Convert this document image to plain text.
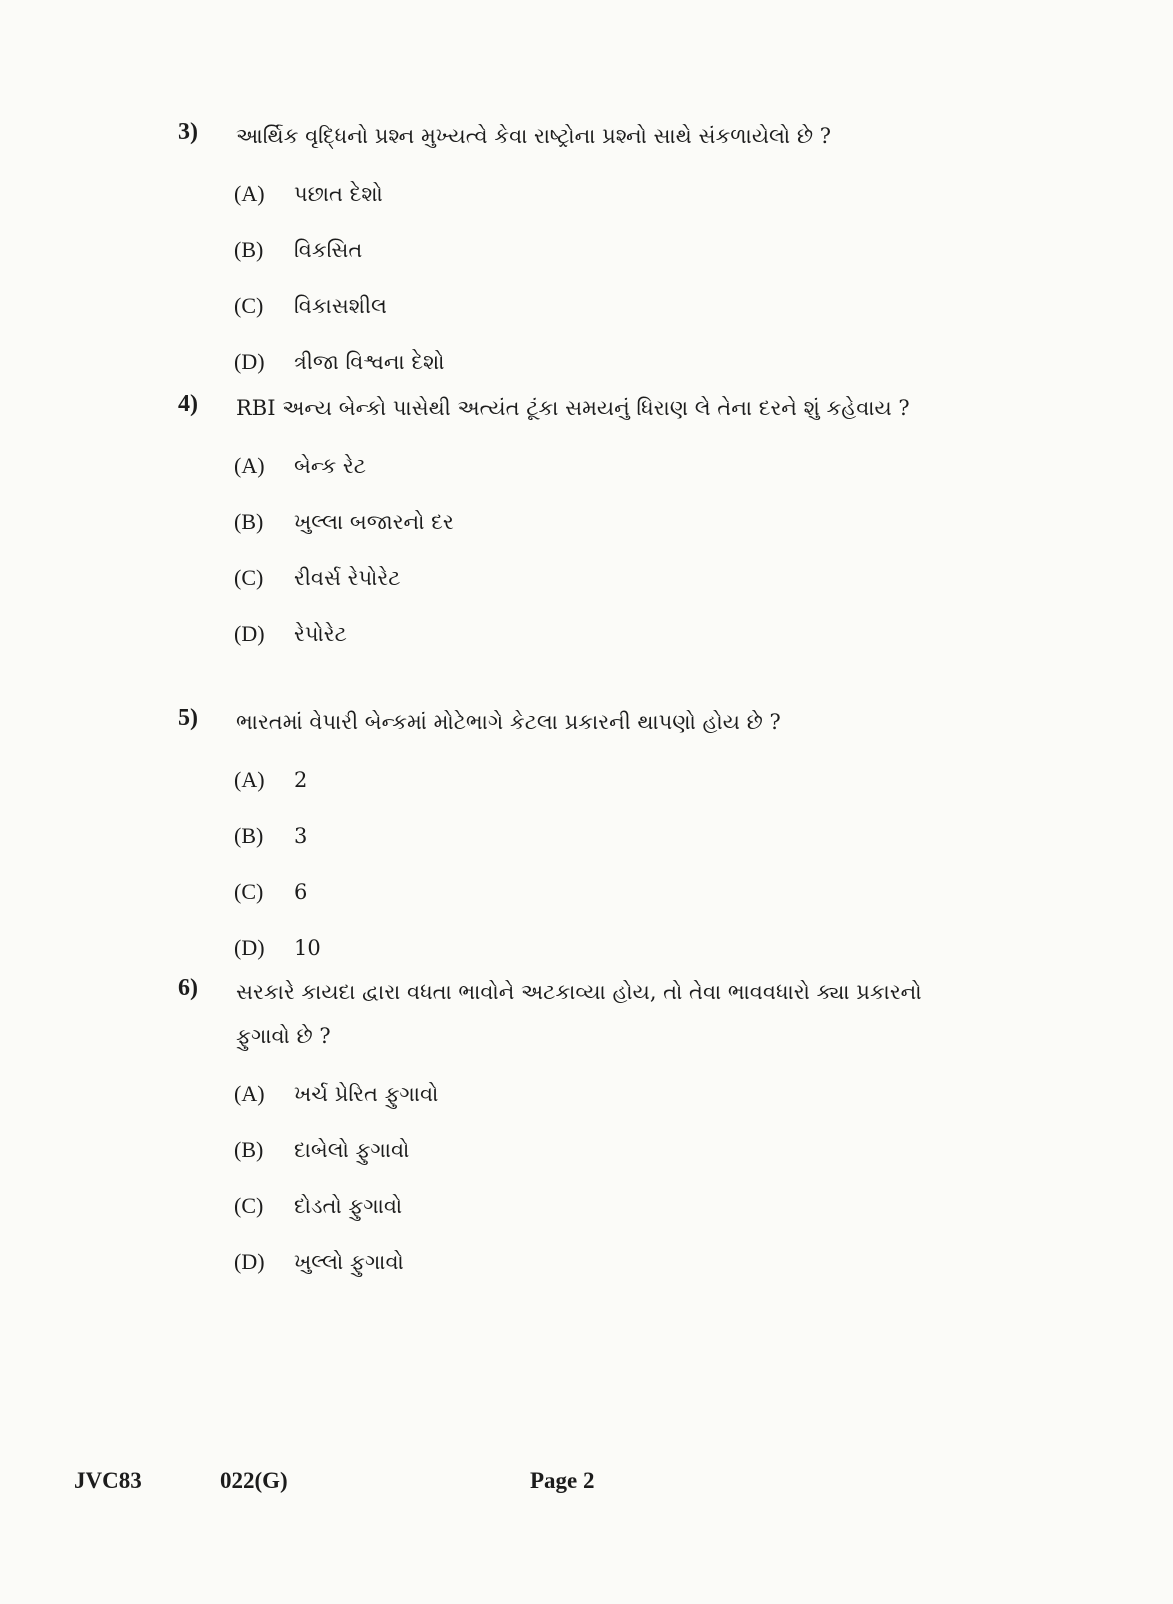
3) આર્થિક વૃદ્ધિનો પ્રશ્ન મુખ્યત્વે કેવા રાષ્ટ્રોના પ્રશ્નો સાથે સંકળાયેલો છે ?
(A)	પછાત દેશો
(B)	વિકસિત
(C)	વિકાસશીલ
(D)	ત્રીજા વિશ્વના દેશો
4) RBI અન્ય બેન્કો પાસેથી અત્યંત ટૂંકા સમયનું ધિરાણ લે તેના દરને શું કહેવાય ?
(A)	બેન્ક રેટ
(B)	ખુલ્લા બજારનો દર
(C)	રીવર્સ રેપોરેટ
(D)	રેપોરેટ
5) ભારતમાં વેપારી બેન્કમાં મોટેભાગે કેટલા પ્રકારની થાપણો હોય છે ?
(A)	2
(B)	3
(C)	6
(D)	10
6) સરકારે કાયદા દ્વારા વધતા ભાવોને અટકાવ્યા હોય, તો તેવા ભાવવધારો ક્યા પ્રકારનો ફુગાવો છે ?
(A)	ખર્ચ પ્રેરિત ફુગાવો
(B)	દાબેલો ફુગાવો
(C)	દોડતો ફુગાવો
(D)	ખુલ્લો ફુગાવો
JVC83	022(G)	Page 2
